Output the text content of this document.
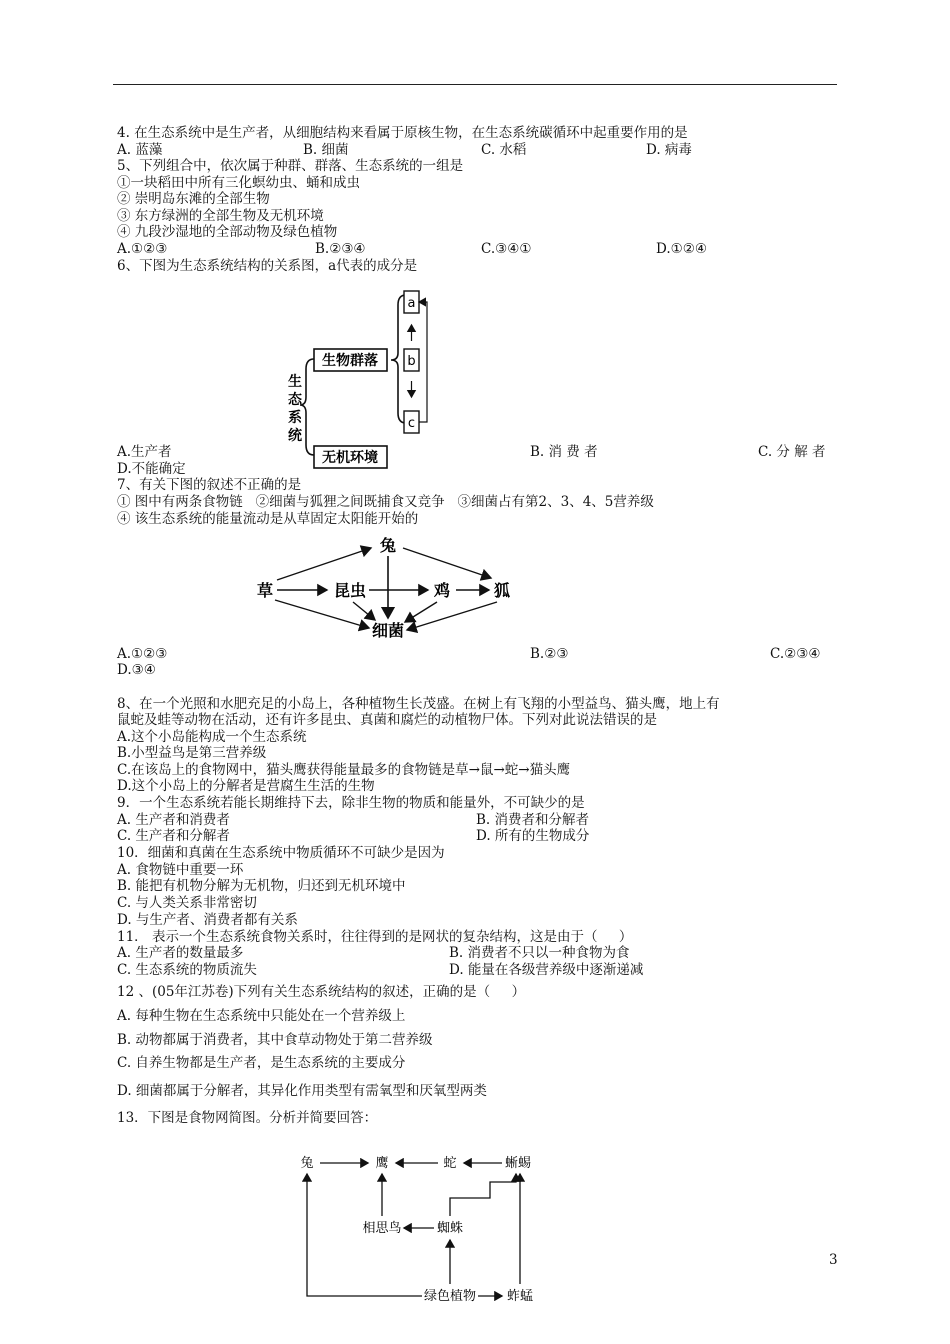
4. 在生态系统中是生产者，从细胞结构来看属于原核生物，在生态系统碳循环中起重要作用的是
A. 蓝藻	B. 细菌	C. 水稻	D. 病毒
5、下列组合中，依次属于种群、群落、生态系统的一组是
①一块稻田中所有三化螟幼虫、蛹和成虫
② 崇明岛东滩的全部生物
③ 东方绿洲的全部生物及无机环境
④ 九段沙湿地的全部动物及绿色植物
A.①②③	B.②③④	C.③④①	D.①②④
6、下图为生态系统结构的关系图，a代表的成分是
生
态
系
统
生物群落
无机环境
a
b
c
A.生产者	B. 消 费 者	C. 分 解 者
D.不能确定
7、有关下图的叙述不正确的是
① 图中有两条食物链   ②细菌与狐狸之间既捕食又竞争   ③细菌占有第2、3、4、5营养级
④ 该生态系统的能量流动是从草固定太阳能开始的
兔
草	昆虫	鸡	狐
细菌
A.①②③	B.②③	C.②③④
D.③④
8、在一个光照和水肥充足的小岛上，各种植物生长茂盛。在树上有飞翔的小型益鸟、猫头鹰，地上有
鼠蛇及蛙等动物在活动，还有许多昆虫、真菌和腐烂的动植物尸体。下列对此说法错误的是
A.这个小岛能构成一个生态系统
B.小型益鸟是第三营养级
C.在该岛上的食物网中，猫头鹰获得能量最多的食物链是草→鼠→蛇→猫头鹰
D.这个小岛上的分解者是营腐生生活的生物
9．一个生态系统若能长期维持下去，除非生物的物质和能量外，不可缺少的是
A. 生产者和消费者	B. 消费者和分解者
C. 生产者和分解者	D. 所有的生物成分
10．细菌和真菌在生态系统中物质循环不可缺少是因为
A. 食物链中重要一环
B. 能把有机物分解为无机物，归还到无机环境中
C. 与人类关系非常密切
D. 与生产者、消费者都有关系
11． 表示一个生态系统食物关系时，往往得到的是网状的复杂结构，这是由于（     ）
A. 生产者的数量最多	B. 消费者不只以一种食物为食
C. 生态系统的物质流失	D. 能量在各级营养级中逐渐递减
12 、(05年江苏卷)下列有关生态系统结构的叙述，正确的是（     ）
A. 每种生物在生态系统中只能处在一个营养级上
B. 动物都属于消费者，其中食草动物处于第二营养级
C. 自养生物都是生产者，是生态系统的主要成分
D. 细菌都属于分解者，其异化作用类型有需氧型和厌氧型两类
13．下图是食物网简图。分析并简要回答：
兔	鹰	蛇	蜥蜴
相思鸟	蜘蛛
绿色植物 蚱蜢
3
